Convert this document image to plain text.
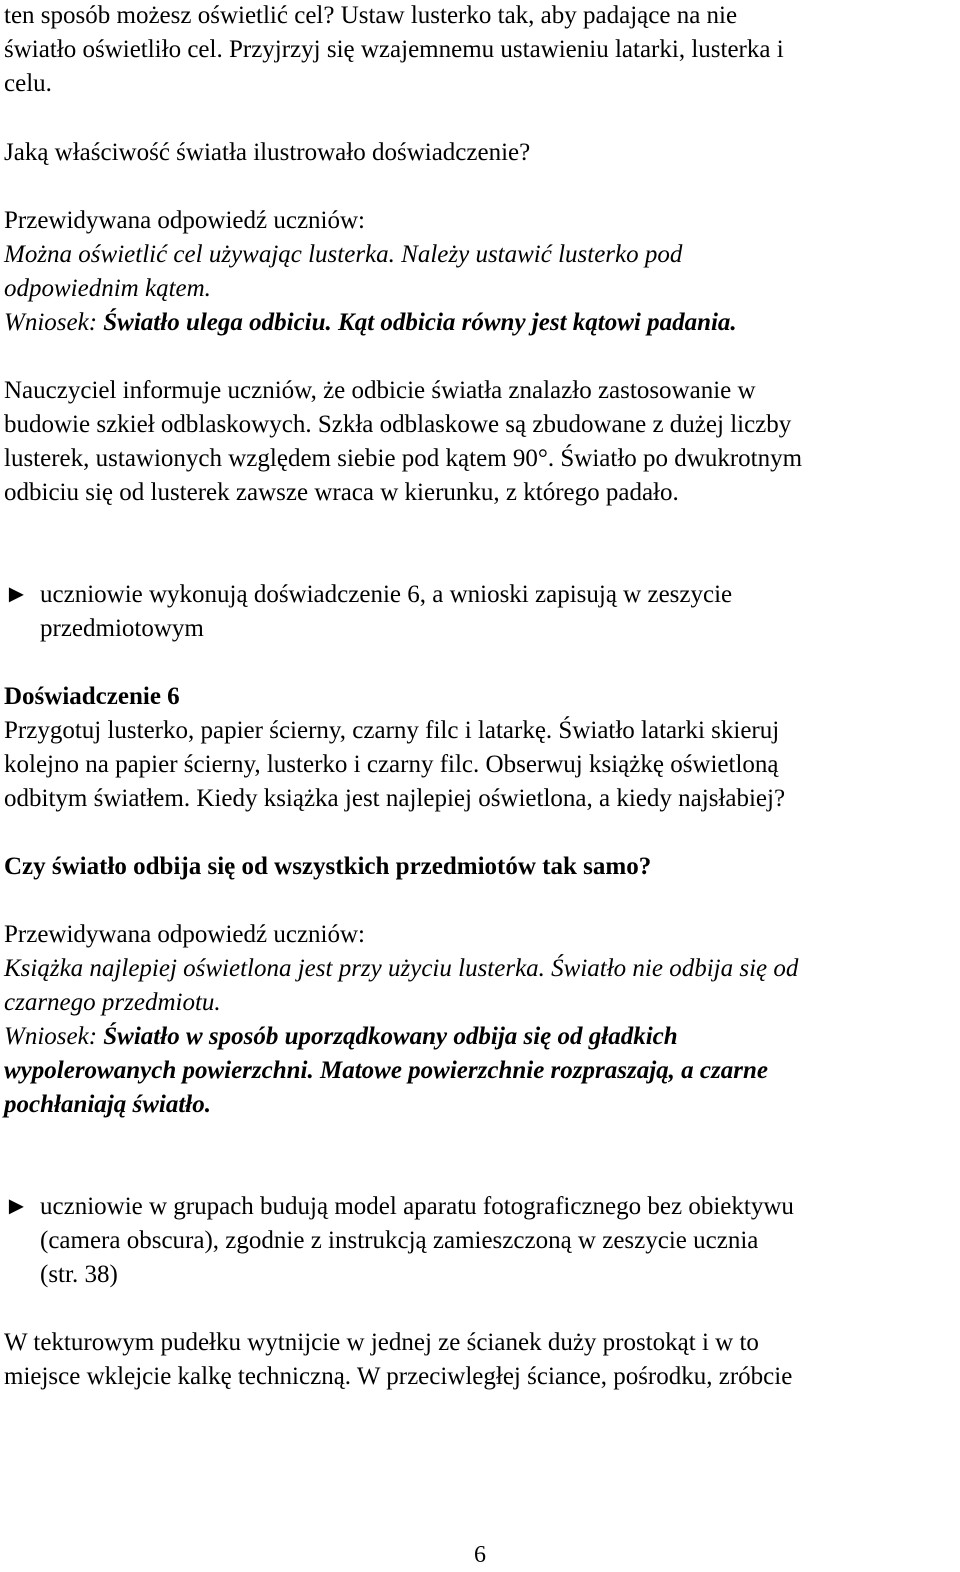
ten sposób możesz oświetlić cel? Ustaw lusterko tak, aby padające na nie
światło oświetliło cel. Przyjrzyj się wzajemnemu ustawieniu latarki, lusterka i
celu.

Jaką właściwość światła ilustrowało doświadczenie?

Przewidywana odpowiedź uczniów:
Można oświetlić cel używając lusterka. Należy ustawić lusterko pod
odpowiednim kątem.
Wniosek: Światło ulega odbiciu. Kąt odbicia równy jest kątowi padania.

Nauczyciel informuje uczniów, że odbicie światła znalazło zastosowanie w
budowie szkieł odblaskowych. Szkła odblaskowe są zbudowane z dużej liczby
lusterek, ustawionych względem siebie pod kątem 90°. Światło po dwukrotnym
odbiciu się od lusterek zawsze wraca w kierunku, z którego padało.

► uczniowie wykonują doświadczenie 6, a wnioski zapisują w zeszycie
przedmiotowym

Doświadczenie 6
Przygotuj lusterko, papier ścierny, czarny filc i latarkę. Światło latarki skieruj
kolejno na papier ścierny, lusterko i czarny filc. Obserwuj książkę oświetloną
odbitym światłem. Kiedy książka jest najlepiej oświetlona, a kiedy najsłabiej?

Czy światło odbija się od wszystkich przedmiotów tak samo?

Przewidywana odpowiedź uczniów:
Książka najlepiej oświetlona jest przy użyciu lusterka. Światło nie odbija się od
czarnego przedmiotu.
Wniosek: Światło w sposób uporządkowany odbija się od gładkich
wypolerowanych powierzchni. Matowe powierzchnie rozpraszają, a czarne
pochłaniają światło.

► uczniowie w grupach budują model aparatu fotograficznego bez obiektywu
(camera obscura), zgodnie z instrukcją zamieszczoną w zeszycie ucznia
(str. 38)

W tekturowym pudełku wytnijcie w jednej ze ścianek duży prostokąt i w to
miejsce wklejcie kalkę techniczną. W przeciwległej ściance, pośrodku, zróbcie

6
